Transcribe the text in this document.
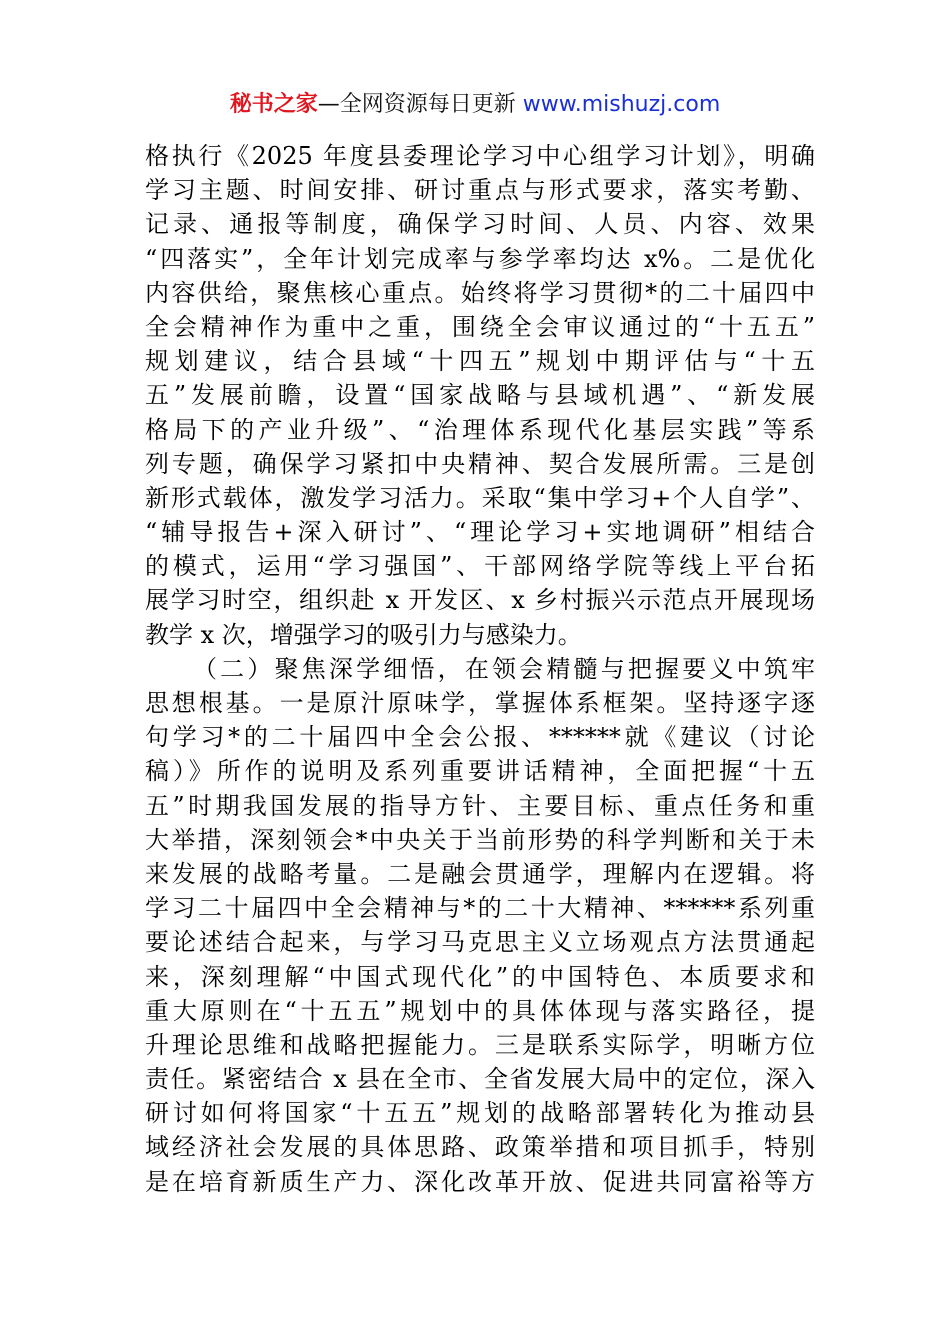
秘书之家—全网资源每日更新 www.mishuzj.com
格执行《2025 年度县委理论学习中心组学习计划》，明确
学习主题、时间安排、研讨重点与形式要求，落实考勤、
记录、通报等制度，确保学习时间、人员、内容、效果
“四落实”，全年计划完成率与参学率均达 x%。二是优化
内容供给，聚焦核心重点。始终将学习贯彻*的二十届四中
全会精神作为重中之重，围绕全会审议通过的“十五五”
规划建议，结合县域“十四五”规划中期评估与“十五
五”发展前瞻，设置“国家战略与县域机遇”、“新发展
格局下的产业升级”、“治理体系现代化基层实践”等系
列专题，确保学习紧扣中央精神、契合发展所需。三是创
新形式载体，激发学习活力。采取“集中学习+个人自学”、
“辅导报告+深入研讨”、“理论学习+实地调研”相结合
的模式，运用“学习强国”、干部网络学院等线上平台拓
展学习时空，组织赴 x 开发区、x 乡村振兴示范点开展现场
教学 x 次，增强学习的吸引力与感染力。
（二）聚焦深学细悟，在领会精髓与把握要义中筑牢
思想根基。一是原汁原味学，掌握体系框架。坚持逐字逐
句学习*的二十届四中全会公报、******就《建议（讨论
稿）》所作的说明及系列重要讲话精神，全面把握“十五
五”时期我国发展的指导方针、主要目标、重点任务和重
大举措，深刻领会*中央关于当前形势的科学判断和关于未
来发展的战略考量。二是融会贯通学，理解内在逻辑。将
学习二十届四中全会精神与*的二十大精神、******系列重
要论述结合起来，与学习马克思主义立场观点方法贯通起
来，深刻理解“中国式现代化”的中国特色、本质要求和
重大原则在“十五五”规划中的具体体现与落实路径，提
升理论思维和战略把握能力。三是联系实际学，明晰方位
责任。紧密结合 x 县在全市、全省发展大局中的定位，深入
研讨如何将国家“十五五”规划的战略部署转化为推动县
域经济社会发展的具体思路、政策举措和项目抓手，特别
是在培育新质生产力、深化改革开放、促进共同富裕等方
